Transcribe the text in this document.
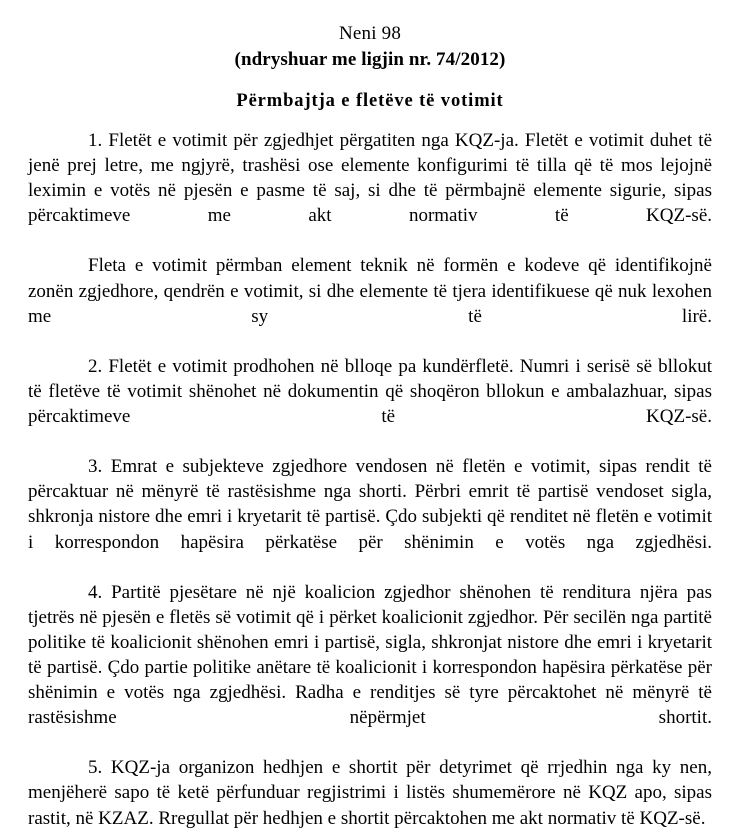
Neni 98
(ndryshuar me ligjin nr. 74/2012)
Përmbajtja e fletëve të votimit

1. Fletët e votimit për zgjedhjet përgatiten nga KQZ-ja. Fletët e votimit duhet të jenë prej letre, me ngjyrë, trashësi ose elemente konfigurimi të tilla që të mos lejojnë leximin e votës në pjesën e pasme të saj, si dhe të përmbajnë elemente sigurie, sipas përcaktimeve me akt normativ të KQZ-së.

Fleta e votimit përmban element teknik në formën e kodeve që identifikojnë zonën zgjedhore, qendrën e votimit, si dhe elemente të tjera identifikuese që nuk lexohen me sy të lirë.

2. Fletët e votimit prodhohen në blloqe pa kundërfletë. Numri i serisë së bllokut të fletëve të votimit shënohet në dokumentin që shoqëron bllokun e ambalazhuar, sipas përcaktimeve të KQZ-së.

3. Emrat e subjekteve zgjedhore vendosen në fletën e votimit, sipas rendit të përcaktuar në mënyrë të rastësishme nga shorti. Përbri emrit të partisë vendoset sigla, shkronja nistore dhe emri i kryetarit të partisë. Çdo subjekti që renditet në fletën e votimit i korrespondon hapësira përkatëse për shënimin e votës nga zgjedhësi.

4. Partitë pjesëtare në një koalicion zgjedhor shënohen të renditura njëra pas tjetrës në pjesën e fletës së votimit që i përket koalicionit zgjedhor. Për secilën nga partitë politike të koalicionit shënohen emri i partisë, sigla, shkronjat nistore dhe emri i kryetarit të partisë. Çdo partie politike anëtare të koalicionit i korrespondon hapësira përkatëse për shënimin e votës nga zgjedhësi. Radha e renditjes së tyre përcaktohet në mënyrë të rastësishme nëpërmjet shortit.

5. KQZ-ja organizon hedhjen e shortit për detyrimet që rrjedhin nga ky nen, menjëherë sapo të ketë përfunduar regjistrimi i listës shumemërore në KQZ apo, sipas rastit, në KZAZ. Rregullat për hedhjen e shortit përcaktohen me akt normativ të KQZ-së.
